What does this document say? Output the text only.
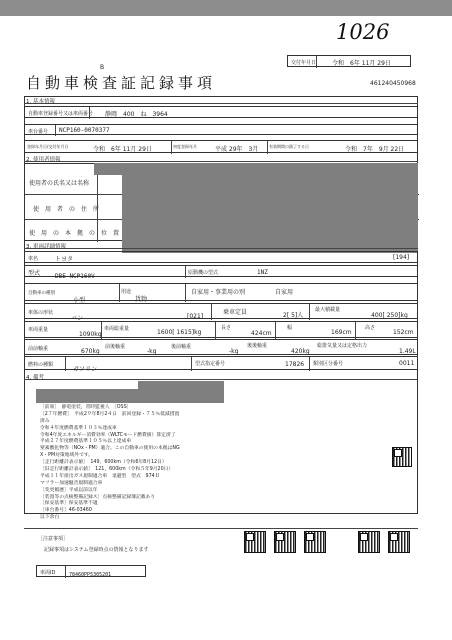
1026
交付年月日	令和　6年 11月 29日
B
自動車検査証記録事項	461240450968
1. 基本情報
自動車登録番号又は車両番号 静岡　400　ね　3964
車台番号 NCP160-0070377
登録年月日/交付年月日	令和　6年 11月 29日	初度登録年月	平成 29年　3月	有効期間の満了する日	令和　7年　9月 22日
2. 使用者情報
使用者の氏名又は名称
使　用　者　の　住　所
使　用　の　本　拠　の　位　置
3. 車両詳細情報
車名	トヨタ	[194]
型式 DBE-NCP160V	原動機の型式	1NZ
自動車の種別
小型
用途
貨物
自家用・事業用の別	自家用
車体の形状
バン	[021]
乗車定員	2[ 5]人
最大積載量
400[ 250]kg
車両重量
1090kg
車両総重量	1600[ 1615]kg
長さ
424cm
幅
169cm
高さ
152cm
前前軸重	670kg
前後軸重
-kg
後前軸重
-kg
後後軸重
420kg
総排気量又は定格出力
1.49L
燃料の種類
ガソリン
型式指定番号	17826 類別区分番号	0011
4. 備考
［前席］　静電塗装，常時監視人　［OSS］
［2７年燃費］　平成2９年8月2４日　前回登録・７５％低減措置
済み
令和４年度燃費基準１０３％達成車
令和4年度エネルギー消費効率（WLTCモード燃費値）算定済了
平成２７年度燃費基準１０５％以上達成車
窒素酸化物等（NOx・PM）適合。この自動車の使用の本拠はNG
X・PM対策地域外です。
［走行距離計表示値］　149，600km（令和6年8月12日）
［旧走行距離計表示値］　121，600km（令和５年9月20日）
平成１１年排出ガス規制適合車　退避型　型式　974Ｂ
マフラー加速騒音規制適合車
［変更履歴］平成以前以年
［装置等の点検整備記録ス］点検整備記録簿記載あり
［保安基準］保安基準不適
［車台番号］46-03460
以下余白
［注意事項］
記録事項はシステム登録時点の情報となります
車両ID	78460PP5305201
